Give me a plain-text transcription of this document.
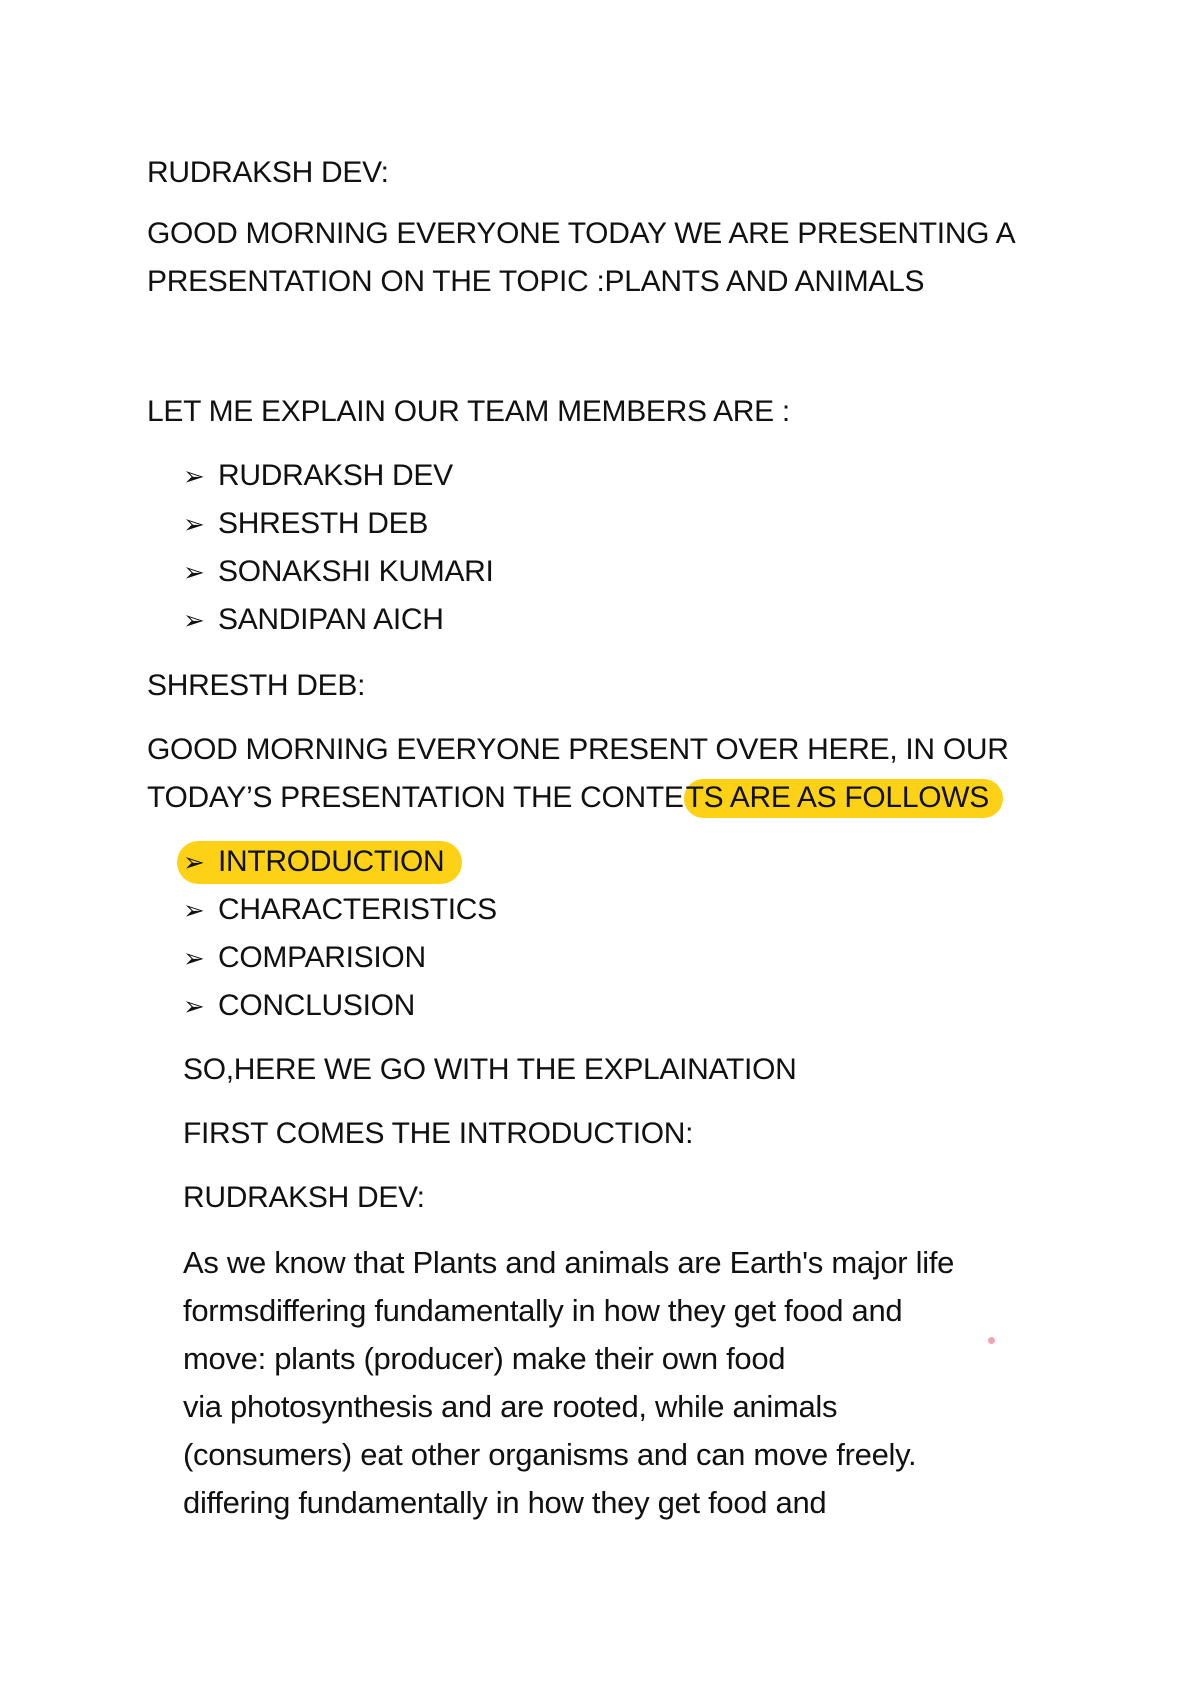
RUDRAKSH DEV:
GOOD MORNING EVERYONE TODAY WE ARE PRESENTING A
PRESENTATION ON THE TOPIC :PLANTS AND ANIMALS
LET ME EXPLAIN OUR TEAM MEMBERS ARE :
➢ RUDRAKSH DEV
➢ SHRESTH DEB
➢ SONAKSHI KUMARI
➢ SANDIPAN AICH
SHRESTH DEB:
GOOD MORNING EVERYONE PRESENT OVER HERE, IN OUR
TODAY’S PRESENTATION THE CONTETS ARE AS FOLLOWS
➢ INTRODUCTION
➢ CHARACTERISTICS
➢ COMPARISION
➢ CONCLUSION
SO,HERE WE GO WITH THE EXPLAINATION
FIRST COMES THE INTRODUCTION:
RUDRAKSH DEV:
As we know that Plants and animals are Earth's major life
formsdiffering fundamentally in how they get food and
move: plants (producer) make their own food
via photosynthesis and are rooted, while animals
(consumers) eat other organisms and can move freely.
differing fundamentally in how they get food and
